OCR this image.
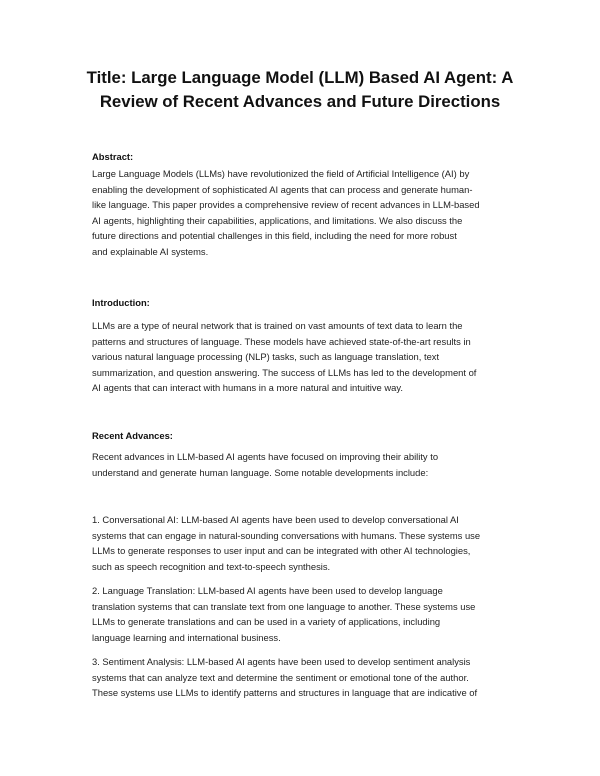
Title: Large Language Model (LLM) Based AI Agent: A
Review of Recent Advances and Future Directions
Abstract:
Large Language Models (LLMs) have revolutionized the field of Artificial Intelligence (AI) by
enabling the development of sophisticated AI agents that can process and generate human-
like language. This paper provides a comprehensive review of recent advances in LLM-based
AI agents, highlighting their capabilities, applications, and limitations. We also discuss the
future directions and potential challenges in this field, including the need for more robust
and explainable AI systems.
Introduction:
LLMs are a type of neural network that is trained on vast amounts of text data to learn the
patterns and structures of language. These models have achieved state-of-the-art results in
various natural language processing (NLP) tasks, such as language translation, text
summarization, and question answering. The success of LLMs has led to the development of
AI agents that can interact with humans in a more natural and intuitive way.
Recent Advances:
Recent advances in LLM-based AI agents have focused on improving their ability to
understand and generate human language. Some notable developments include:
1. Conversational AI: LLM-based AI agents have been used to develop conversational AI
systems that can engage in natural-sounding conversations with humans. These systems use
LLMs to generate responses to user input and can be integrated with other AI technologies,
such as speech recognition and text-to-speech synthesis.
2. Language Translation: LLM-based AI agents have been used to develop language
translation systems that can translate text from one language to another. These systems use
LLMs to generate translations and can be used in a variety of applications, including
language learning and international business.
3. Sentiment Analysis: LLM-based AI agents have been used to develop sentiment analysis
systems that can analyze text and determine the sentiment or emotional tone of the author.
These systems use LLMs to identify patterns and structures in language that are indicative of
